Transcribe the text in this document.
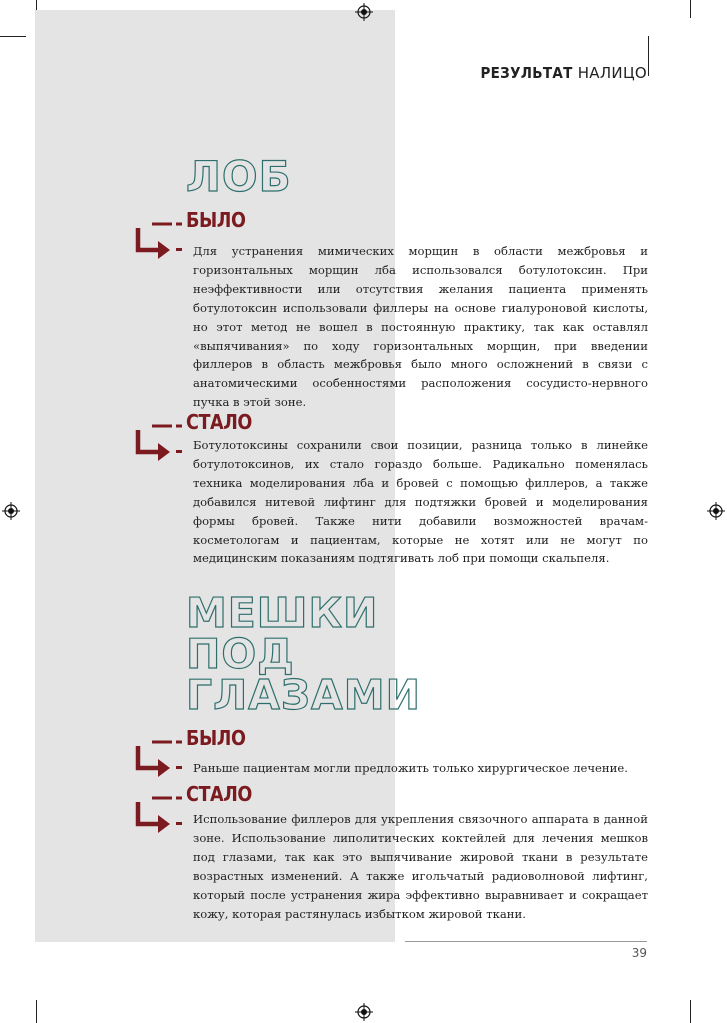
РЕЗУЛЬТАТ НАЛИЦО
ЛОБ
БЫЛО
Для устранения мимических морщин в области межбровья и горизонтальных морщин лба использовался ботулотоксин. При неэффективности или отсутствия желания пациента применять ботулотоксин использовали филлеры на основе гиалуроновой кислоты, но этот метод не вошел в постоянную практику, так как оставлял «выпячивания» по ходу горизонтальных морщин, при введении филлеров в область межбровья было много осложнений в связи с анатомическими особенностями расположения сосудисто-нервного пучка в этой зоне.
СТАЛО
Ботулотоксины сохранили свои позиции, разница только в линейке ботулотоксинов, их стало гораздо больше. Радикально поменялась техника моделирования лба и бровей с помощью филлеров, а также добавился нитевой лифтинг для подтяжки бровей и моделирования формы бровей. Также нити добавили возможностей врачам-косметологам и пациентам, которые не хотят или не могут по медицинским показаниям подтягивать лоб при помощи скальпеля.
МЕШКИ
ПОД
ГЛАЗАМИ
БЫЛО
Раньше пациентам могли предложить только хирургическое лечение.
СТАЛО
Использование филлеров для укрепления связочного аппарата в данной зоне. Использование липолитических коктейлей для лечения мешков под глазами, так как это выпячивание жировой ткани в результате возрастных изменений. А также игольчатый радиоволновой лифтинг, который после устранения жира эффективно выравнивает и сокращает кожу, которая растянулась избытком жировой ткани.
39
